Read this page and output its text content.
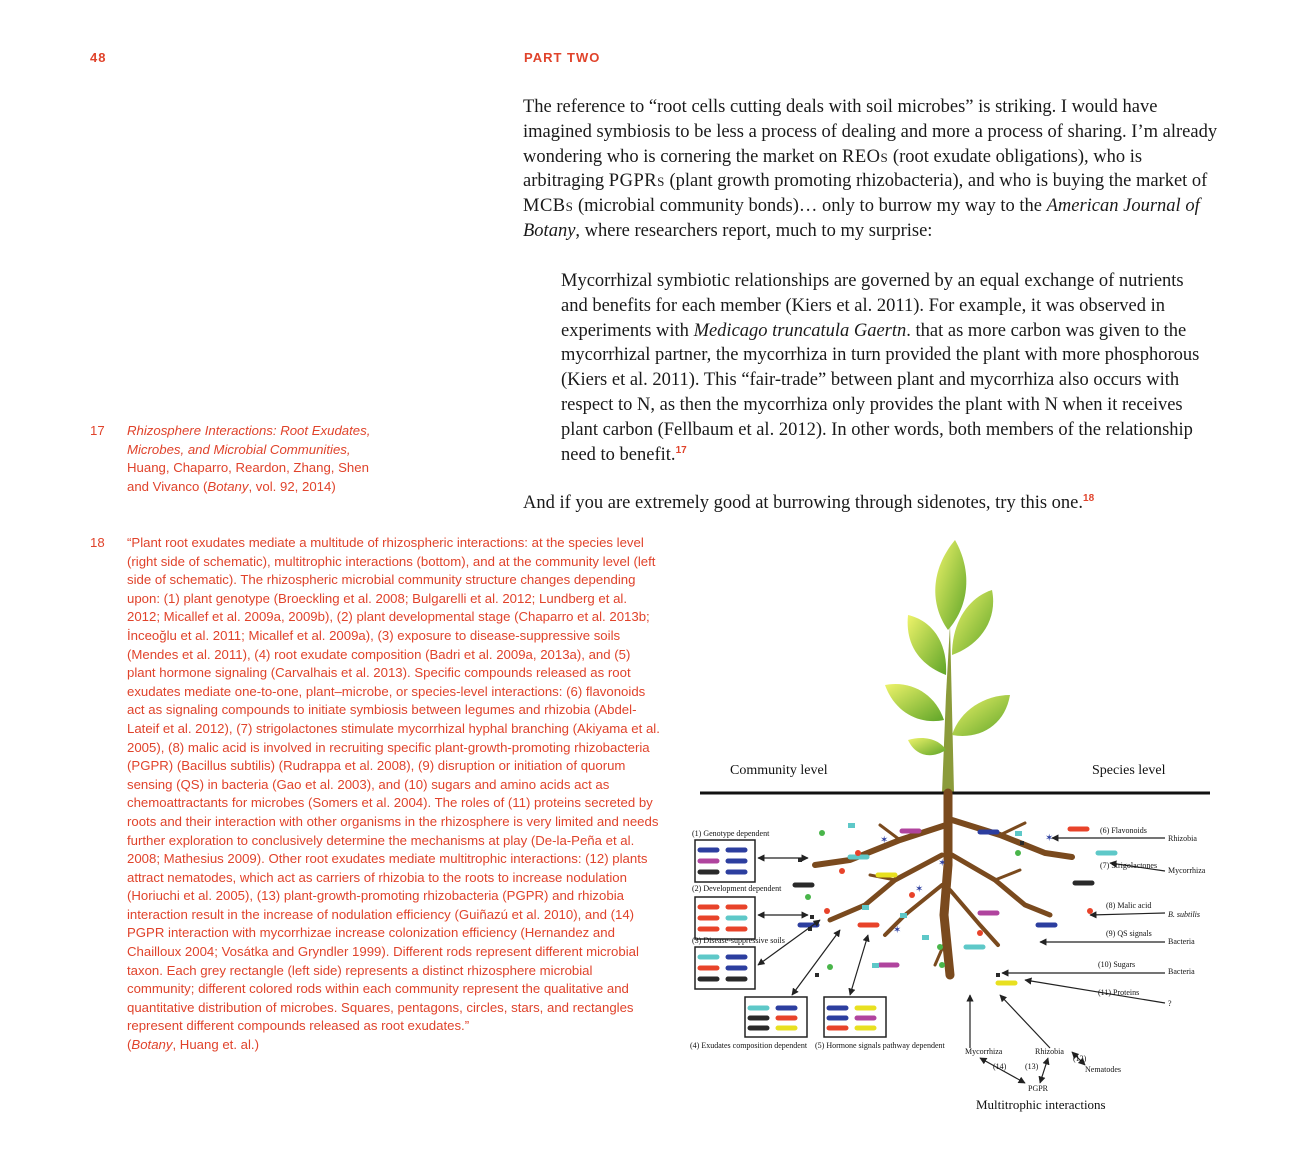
48	PART TWO

The reference to “root cells cutting deals with soil microbes” is striking. I would have imagined symbiosis to be less a process of dealing and more a process of sharing. I’m already wondering who is cornering the market on REOs (root exudate obligations), who is arbitraging PGPRs (plant growth promoting rhizobacteria), and who is buying the market of MCBs (microbial community bonds)… only to burrow my way to the American Journal of Botany, where researchers report, much to my surprise:

Mycorrhizal symbiotic relationships are governed by an equal exchange of nutrients and benefits for each member (Kiers et al. 2011). For example, it was observed in experiments with Medicago truncatula Gaertn. that as more carbon was given to the mycorrhizal partner, the mycorrhiza in turn provided the plant with more phosphorous (Kiers et al. 2011). This “fair-trade” between plant and mycorrhiza also occurs with respect to N, as then the mycorrhiza only provides the plant with N when it receives plant carbon (Fellbaum et al. 2012). In other words, both members of the relationship need to benefit.$^{17}$

And if you are extremely good at burrowing through sidenotes, try this one.$^{18}$

17 Rhizosphere Interactions: Root Exudates, Microbes, and Microbial Communities, Huang, Chaparro, Reardon, Zhang, Shen and Vivanco (Botany, vol. 92, 2014)
18 “Plant root exudates mediate a multitude of rhizospheric interactions: at the species level (right side of schematic), multitrophic interactions (bottom), and at the community level (left side of schematic). The rhizospheric microbial community structure changes depending upon: (1) plant genotype (Broeckling et al. 2008; Bulgarelli et al. 2012; Lundberg et al. 2012; Micallef et al. 2009a, 2009b), (2) plant developmental stage (Chaparro et al. 2013b; İnceoğlu et al. 2011; Micallef et al. 2009a), (3) exposure to disease-suppressive soils (Mendes et al. 2011), (4) root exudate composition (Badri et al. 2009a, 2013a), and (5) plant hormone signaling (Carvalhais et al. 2013). Specific compounds released as root exudates mediate one-to-one, plant–microbe, or species-level interactions: (6) flavonoids act as signaling compounds to initiate symbiosis between legumes and rhizobia (Abdel-Lateif et al. 2012), (7) strigolactones stimulate mycorrhizal hyphal branching (Akiyama et al. 2005), (8) malic acid is involved in recruiting specific plant-growth-promoting rhizobacteria (PGPR) (Bacillus subtilis) (Rudrappa et al. 2008), (9) disruption or initiation of quorum sensing (QS) in bacteria (Gao et al. 2003), and (10) sugars and amino acids act as chemoattractants for microbes (Somers et al. 2004). The roles of (11) proteins secreted by roots and their interaction with other organisms in the rhizosphere is very limited and needs further exploration to conclusively determine the mechanisms at play (De-la-Peña et al. 2008; Mathesius 2009). Other root exudates mediate multitrophic interactions: (12) plants attract nematodes, which act as carriers of rhizobia to the roots to increase nodulation (Horiuchi et al. 2005), (13) plant-growth-promoting rhizobacteria (PGPR) and rhizobia interaction result in the increase of nodulation efficiency (Guiñazú et al. 2010), and (14) PGPR interaction with mycorrhizae increase colonization efficiency (Hernandez and Chailloux 2004; Vosátka and Gryndler 1999). Different rods represent different microbial taxon. Each grey rectangle (left side) represents a distinct rhizosphere microbial community; different colored rods within each community represent the qualitative and quantitative distribution of microbes. Squares, pentagons, circles, stars, and rectangles represent different compounds released as root exudates.”
(Botany, Huang et. al.)
Community level	Species level
✶	✶
✶
✶
✶
(1) Genotype dependent
(2) Development dependent
(3) Disease-suppressive soils
(4) Exudates composition dependent (5) Hormone signals pathway dependent
(6) Flavonoids
(7) Strigolactones
(8) Malic acid
(9) QS signals
(10) Sugars
(11) Proteins
Rhizobia
Mycorrhiza
B. subtilis
Bacteria
Bacteria
?
Mycorrhiza	Rhizobia
(12)
(13)
(14)	Nematodes
PGPR
Multitrophic interactions
